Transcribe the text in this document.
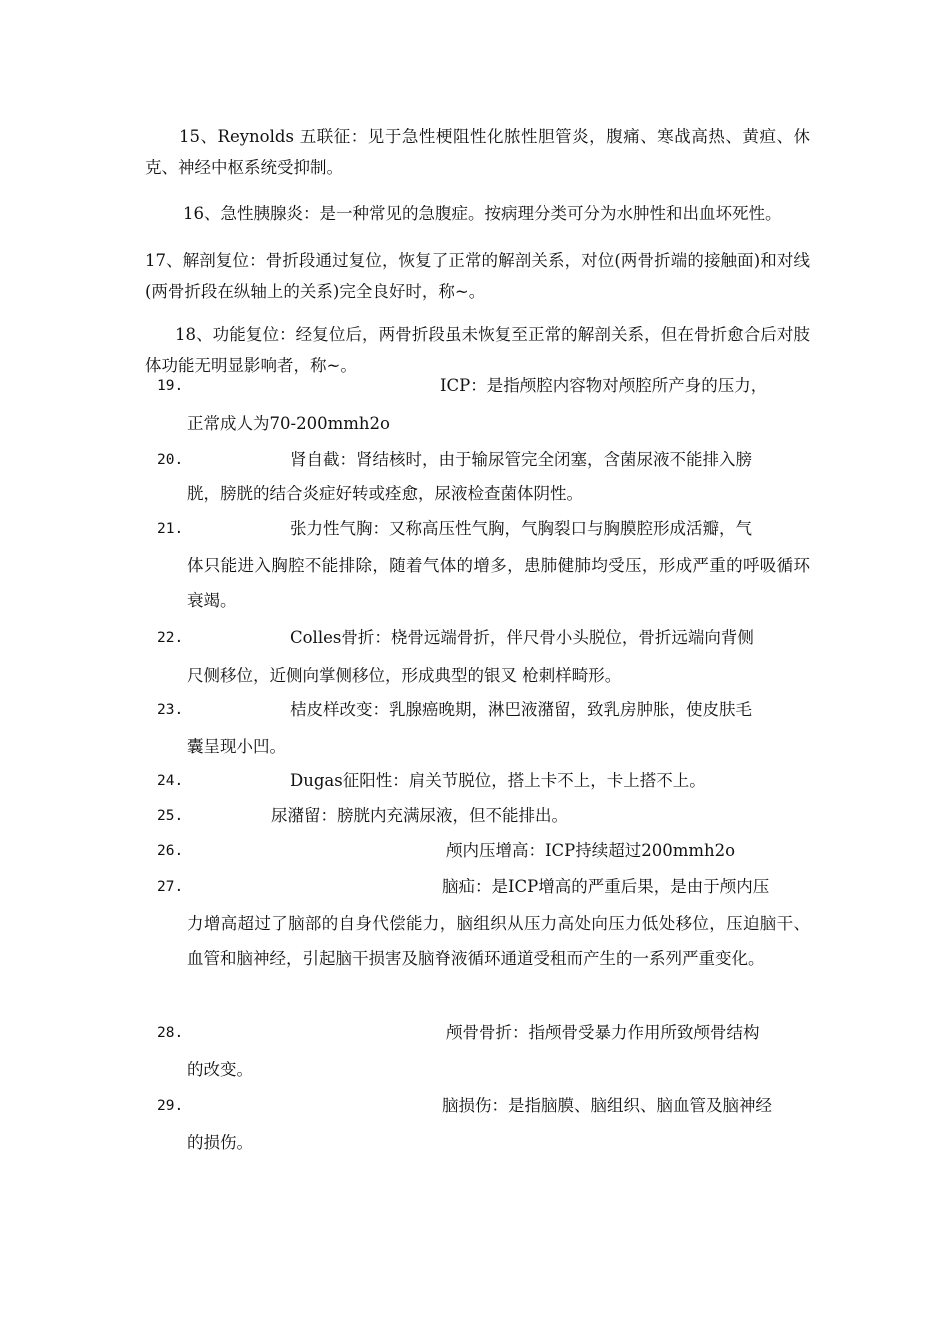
15、Reynolds 五联征：见于急性梗阻性化脓性胆管炎，腹痛、寒战高热、黄疸、休克、神经中枢系统受抑制。
16、急性胰腺炎：是一种常见的急腹症。按病理分类可分为水肿性和出血坏死性。
17、解剖复位：骨折段通过复位，恢复了正常的解剖关系，对位(两骨折端的接触面)和对线(两骨折段在纵轴上的关系)完全良好时，称~。
18、功能复位：经复位后，两骨折段虽未恢复至正常的解剖关系，但在骨折愈合后对肢体功能无明显影响者，称~。
19.	ICP：是指颅腔内容物对颅腔所产身的压力，
正常成人为70-200mmh2o
20.	肾自截：肾结核时，由于输尿管完全闭塞，含菌尿液不能排入膀
胱，膀胱的结合炎症好转或痊愈，尿液检查菌体阴性。
21.	张力性气胸：又称高压性气胸，气胸裂口与胸膜腔形成活瓣，气
体只能进入胸腔不能排除，随着气体的增多，患肺健肺均受压，形成严重的呼吸循环衰竭。
22.	Colles骨折：桡骨远端骨折，伴尺骨小头脱位，骨折远端向背侧
尺侧移位，近侧向掌侧移位，形成典型的银叉 枪刺样畸形。
23.	桔皮样改变：乳腺癌晚期，淋巴液潴留，致乳房肿胀，使皮肤毛
囊呈现小凹。
24.	Dugas征阳性：肩关节脱位，搭上卡不上，卡上搭不上。
25.	尿潴留：膀胱内充满尿液，但不能排出。
26.	颅内压增高：ICP持续超过200mmh2o
27.	脑疝：是ICP增高的严重后果，是由于颅内压
力增高超过了脑部的自身代偿能力，脑组织从压力高处向压力低处移位，压迫脑干、血管和脑神经，引起脑干损害及脑脊液循环通道受租而产生的一系列严重变化。
28.	颅骨骨折：指颅骨受暴力作用所致颅骨结构
的改变。
29.	脑损伤：是指脑膜、脑组织、脑血管及脑神经
的损伤。
